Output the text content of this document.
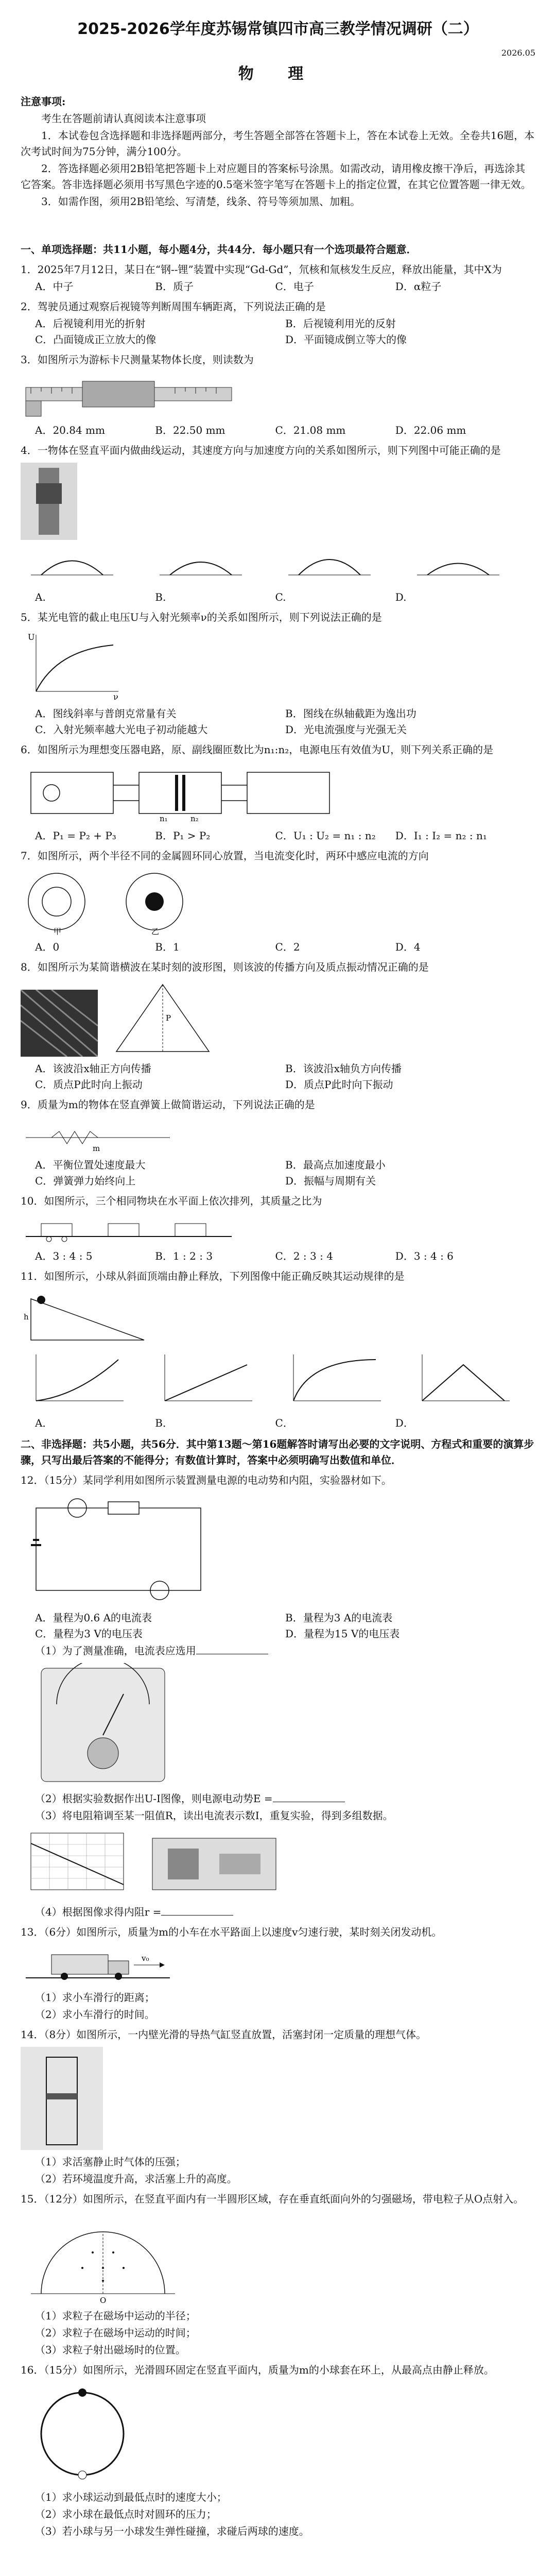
2025-2026学年度苏锡常镇四市高三教学情况调研（二）
2026.05
物 理
注意事项:

考生在答题前请认真阅读本注意事项

1．本试卷包含选择题和非选择题两部分，考生答题全部答在答题卡上，答在本试卷上无效。全卷共16题，本次考试时间为75分钟，满分100分。

2．答选择题必须用2B铅笔把答题卡上对应题目的答案标号涂黑。如需改动，请用橡皮擦干净后，再选涂其它答案。答非选择题必须用书写黑色字迹的0.5毫米签字笔写在答题卡上的指定位置，在其它位置答题一律无效。

3．如需作图，须用2B铅笔绘、写清楚，线条、符号等须加黑、加粗。

一、单项选择题：共11小题，每小题4分，共44分．每小题只有一个选项最符合题意．
1．2025年7月12日，某日在“钢--锂”装置中实现“Gd-Gd”，氘核和氚核发生反应，释放出能量，其中X为
A．中子	B．质子	C．电子	D．α粒子
2．驾驶员通过观察后视镜等判断周围车辆距离，下列说法正确的是
A．后视镜利用光的折射	B．后视镜利用光的反射
C．凸面镜成正立放大的像	D．平面镜成倒立等大的像
3．如图所示为游标卡尺测量某物体长度，则读数为
A．20.84 mm	B．22.50 mm	C．21.08 mm	D．22.06 mm
4．一物体在竖直平面内做曲线运动，其速度方向与加速度方向的关系如图所示，则下列图中可能正确的是
A.	B.	C.	D.
5．某光电管的截止电压U与入射光频率ν的关系如图所示，则下列说法正确的是
U
ν
A．图线斜率与普朗克常量有关	B．图线在纵轴截距为逸出功
C．入射光频率越大光电子初动能越大	D．光电流强度与光强无关
6．如图所示为理想变压器电路，原、副线圈匝数比为n₁:n₂，电源电压有效值为U，则下列关系正确的是
n₁	n₂
A．P₁ = P₂ + P₃	B．P₁ > P₂	C．U₁ : U₂ = n₁ : n₂	D．I₁ : I₂ = n₂ : n₁
7．如图所示，两个半径不同的金属圆环同心放置，当电流变化时，两环中感应电流的方向
甲	乙
A．0	B．1	C．2	D．4
8．如图所示为某简谐横波在某时刻的波形图，则该波的传播方向及质点振动情况正确的是
P
A．该波沿x轴正方向传播	B．该波沿x轴负方向传播
C．质点P此时向上振动	D．质点P此时向下振动
9．质量为m的物体在竖直弹簧上做简谐运动，下列说法正确的是
m
A．平衡位置处速度最大	B．最高点加速度最小
C．弹簧弹力始终向上	D．振幅与周期有关
10．如图所示，三个相同物块在水平面上依次排列，其质量之比为
A．3 : 4 : 5	B．1 : 2 : 3	C．2 : 3 : 4	D．3 : 4 : 6
11．如图所示，小球从斜面顶端由静止释放，下列图像中能正确反映其运动规律的是
h
A．	B．	C．	D．
二、非选择题：共5小题，共56分．其中第13题～第16题解答时请写出必要的文字说明、方程式和重要的演算步骤，只写出最后答案的不能得分；有数值计算时，答案中必须明确写出数值和单位．
12．（15分）某同学利用如图所示装置测量电源的电动势和内阻，实验器材如下。
A．量程为0.6 A的电流表	B．量程为3 A的电流表
C．量程为3 V的电压表	D．量程为15 V的电压表
（1）为了测量准确，电流表应选用
（2）根据实验数据作出U-I图像，则电源电动势E =
（3）将电阻箱调至某一阻值R，读出电流表示数I，重复实验，得到多组数据。
（4）根据图像求得内阻r =
13．（6分）如图所示，质量为m的小车在水平路面上以速度v匀速行驶，某时刻关闭发动机。
v₀
（1）求小车滑行的距离；
（2）求小车滑行的时间。
14．（8分）如图所示，一内壁光滑的导热气缸竖直放置，活塞封闭一定质量的理想气体。
（1）求活塞静止时气体的压强；
（2）若环境温度升高，求活塞上升的高度。
15．（12分）如图所示，在竖直平面内有一半圆形区域，存在垂直纸面向外的匀强磁场，带电粒子从O点射入。
O
（1）求粒子在磁场中运动的半径；
（2）求粒子在磁场中运动的时间；
（3）求粒子射出磁场时的位置。
16．（15分）如图所示，光滑圆环固定在竖直平面内，质量为m的小球套在环上，从最高点由静止释放。
（1）求小球运动到最低点时的速度大小；
（2）求小球在最低点时对圆环的压力；
（3）若小球与另一小球发生弹性碰撞，求碰后两球的速度。
